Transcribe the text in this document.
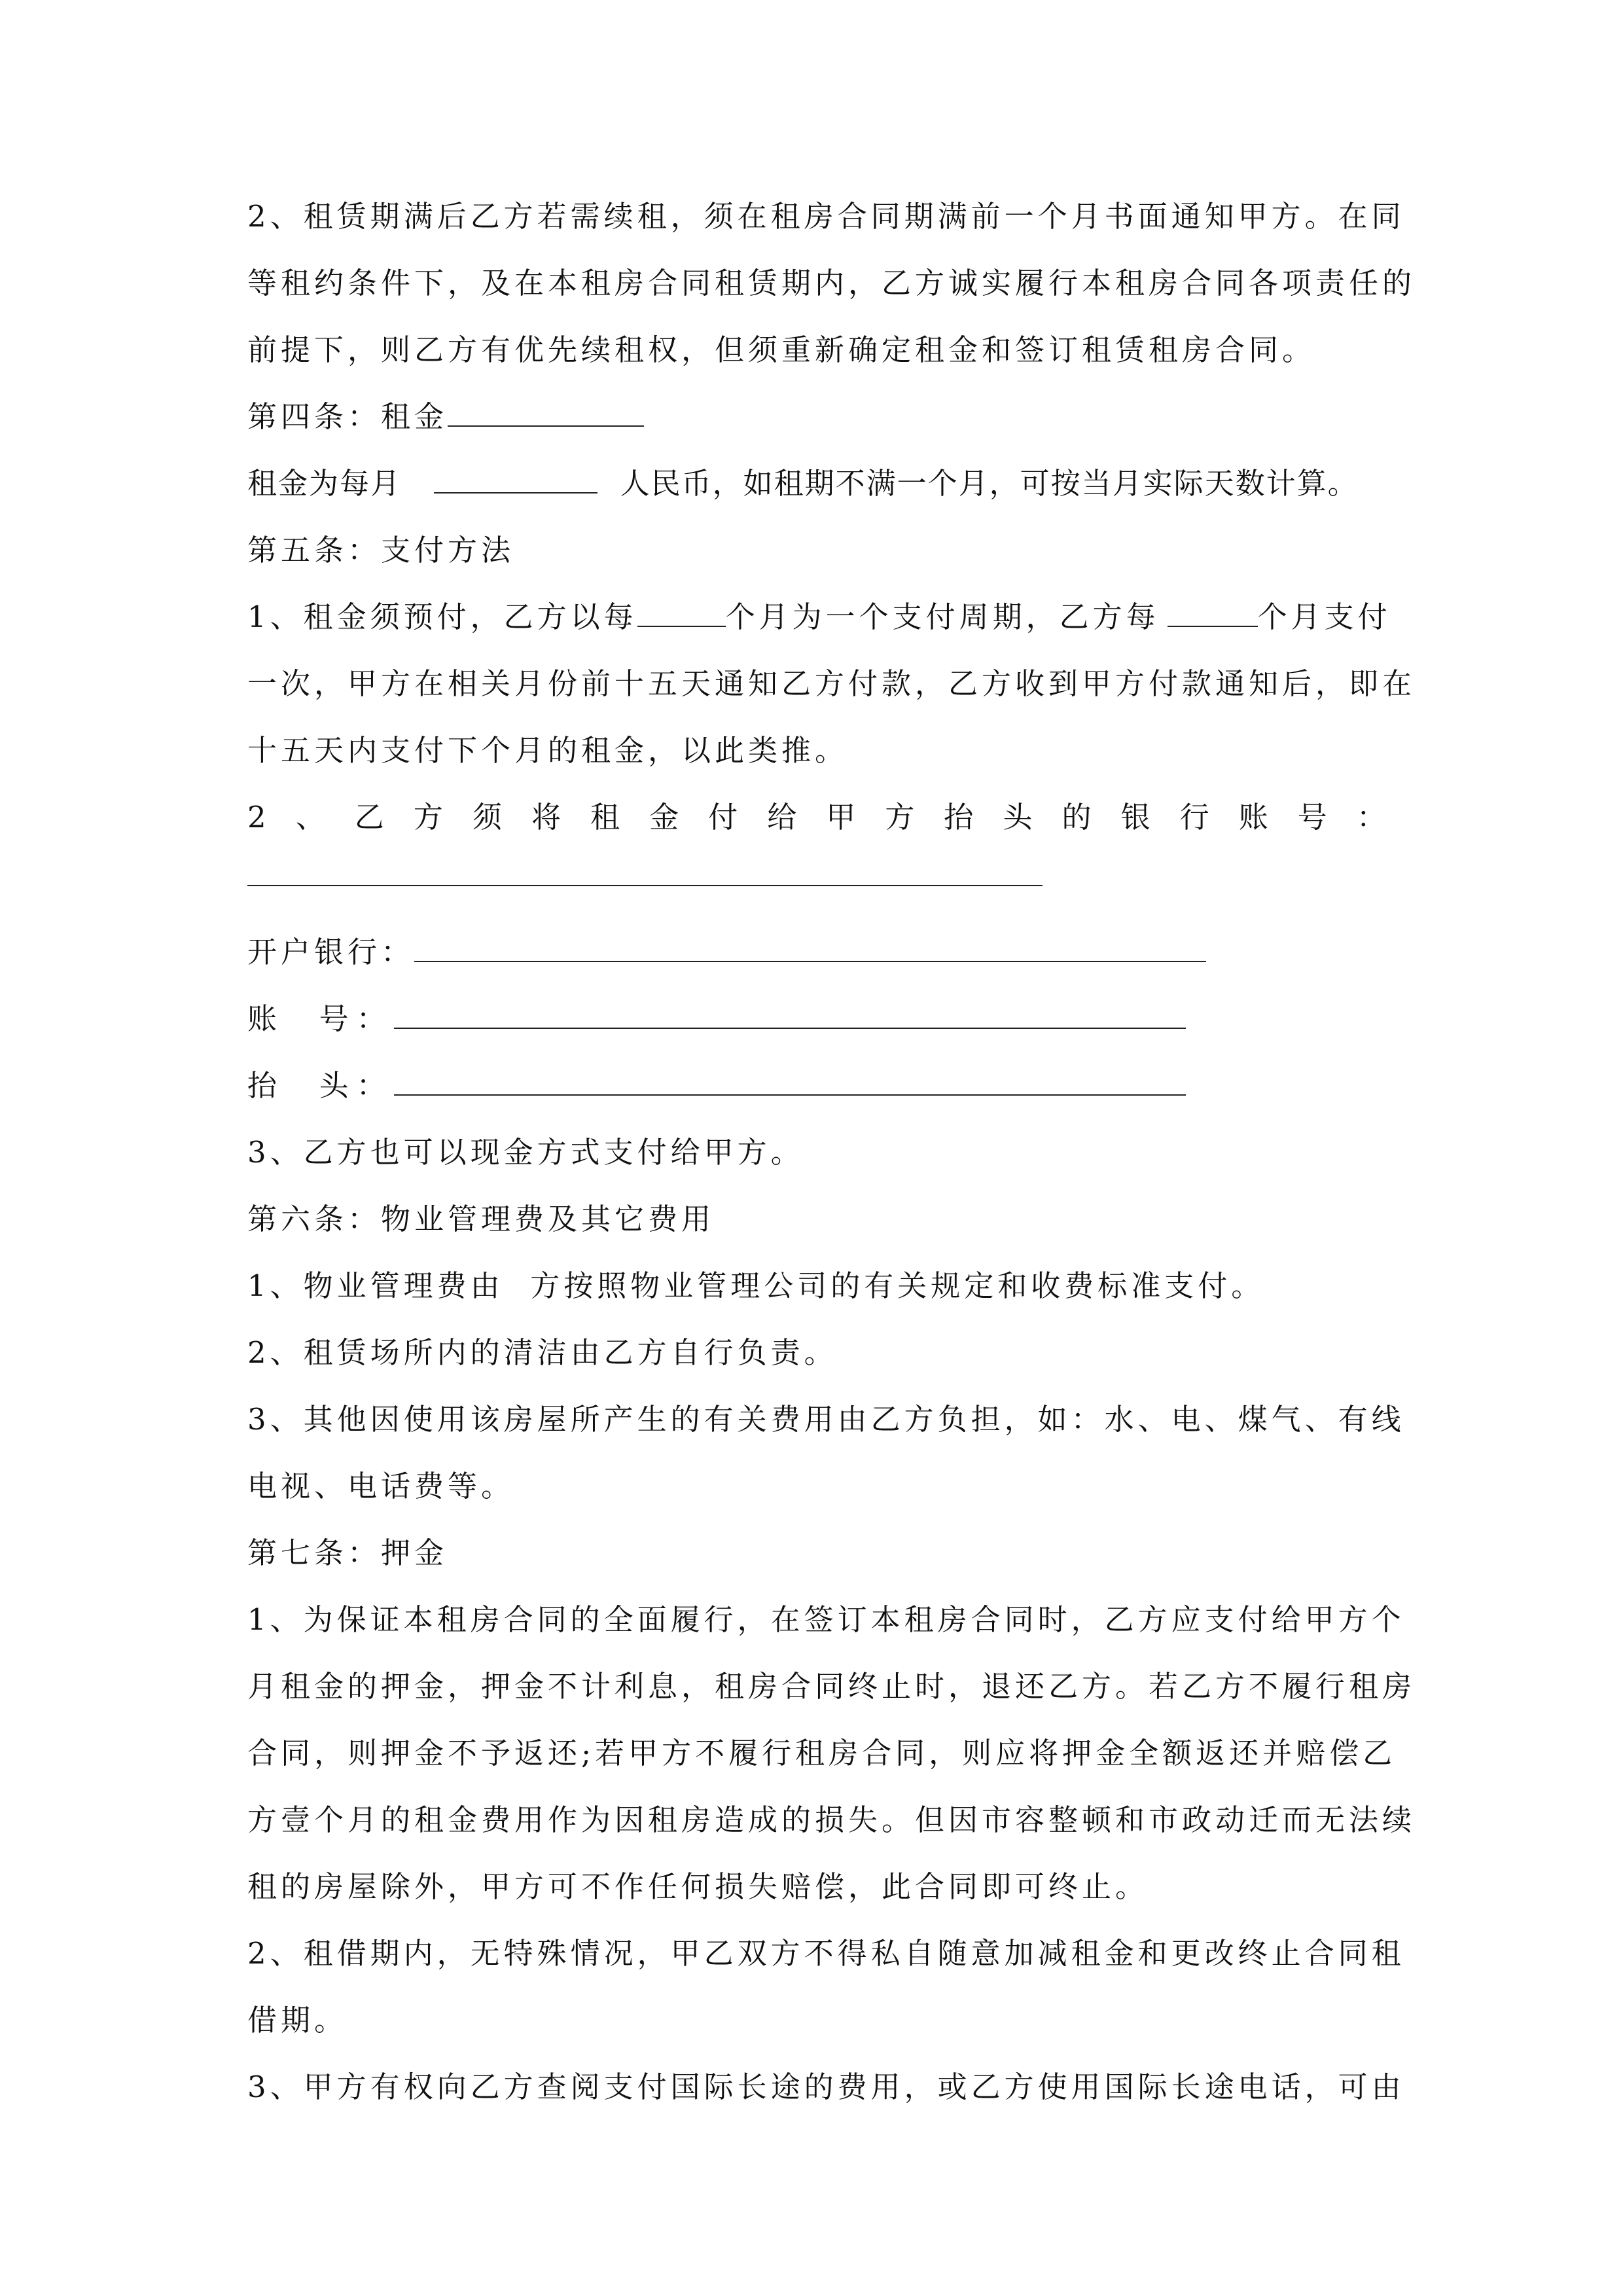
2、租赁期满后乙方若需续租，须在租房合同期满前一个月书面通知甲方。在同
等租约条件下，及在本租房合同租赁期内，乙方诚实履行本租房合同各项责任的
前提下，则乙方有优先续租权，但须重新确定租金和签订租赁租房合同。
第四条：租金
租金为每月	人民币，如租期不满一个月，可按当月实际天数计算。
第五条：支付方法
1、租金须预付，乙方以每	个月为一个支付周期，乙方每	个月支付
一次，甲方在相关月份前十五天通知乙方付款，乙方收到甲方付款通知后，即在
十五天内支付下个月的租金，以此类推。
2 、 乙 方 须 将 租 金 付 给 甲 方 抬 头 的 银 行 账 号 ：
开户银行：
账  号：
抬  头：
3、乙方也可以现金方式支付给甲方。
第六条：物业管理费及其它费用
1、物业管理费由  方按照物业管理公司的有关规定和收费标准支付。
2、租赁场所内的清洁由乙方自行负责。
3、其他因使用该房屋所产生的有关费用由乙方负担，如：水、电、煤气、有线
电视、电话费等。
第七条：押金
1、为保证本租房合同的全面履行，在签订本租房合同时，乙方应支付给甲方个
月租金的押金，押金不计利息，租房合同终止时，退还乙方。若乙方不履行租房
合同，则押金不予返还;若甲方不履行租房合同，则应将押金全额返还并赔偿乙
方壹个月的租金费用作为因租房造成的损失。但因市容整顿和市政动迁而无法续
租的房屋除外，甲方可不作任何损失赔偿，此合同即可终止。
2、租借期内，无特殊情况，甲乙双方不得私自随意加减租金和更改终止合同租
借期。
3、甲方有权向乙方查阅支付国际长途的费用，或乙方使用国际长途电话，可由
